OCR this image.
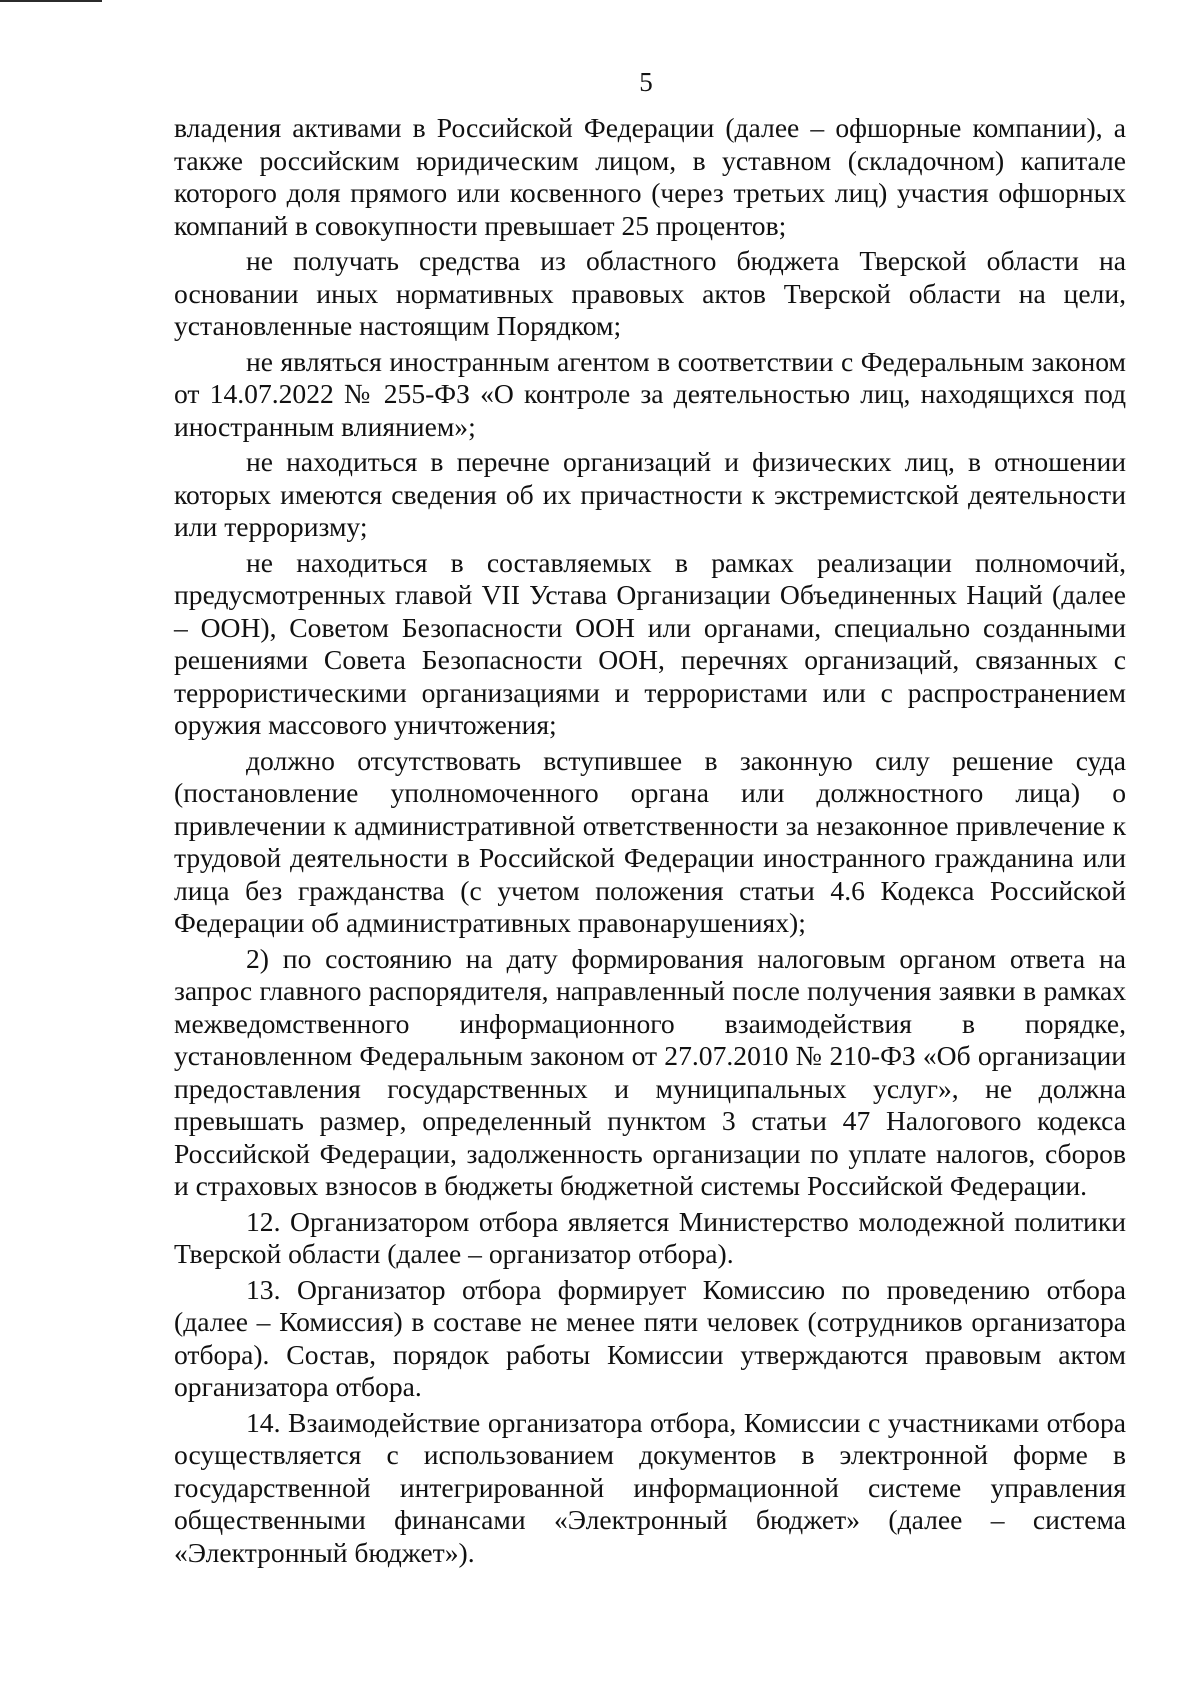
5

владения активами в Российской Федерации (далее – офшорные компании), а также российским юридическим лицом, в уставном (складочном) капитале которого доля прямого или косвенного (через третьих лиц) участия офшорных компаний в совокупности превышает 25 процентов;

не получать средства из областного бюджета Тверской области на основании иных нормативных правовых актов Тверской области на цели, установленные настоящим Порядком;

не являться иностранным агентом в соответствии с Федеральным законом от 14.07.2022 № 255-ФЗ «О контроле за деятельностью лиц, находящихся под иностранным влиянием»;

не находиться в перечне организаций и физических лиц, в отношении которых имеются сведения об их причастности к экстремистской деятельности или терроризму;

не находиться в составляемых в рамках реализации полномочий, предусмотренных главой VII Устава Организации Объединенных Наций (далее – ООН), Советом Безопасности ООН или органами, специально созданными решениями Совета Безопасности ООН, перечнях организаций, связанных с террористическими организациями и террористами или с распространением оружия массового уничтожения;

должно отсутствовать вступившее в законную силу решение суда (постановление уполномоченного органа или должностного лица) о привлечении к административной ответственности за незаконное привлечение к трудовой деятельности в Российской Федерации иностранного гражданина или лица без гражданства (с учетом положения статьи 4.6 Кодекса Российской Федерации об административных правонарушениях);

2) по состоянию на дату формирования налоговым органом ответа на запрос главного распорядителя, направленный после получения заявки в рамках межведомственного информационного взаимодействия в порядке, установленном Федеральным законом от 27.07.2010 № 210-ФЗ «Об организации предоставления государственных и муниципальных услуг», не должна превышать размер, определенный пунктом 3 статьи 47 Налогового кодекса Российской Федерации, задолженность организации по уплате налогов, сборов и страховых взносов в бюджеты бюджетной системы Российской Федерации.

12. Организатором отбора является Министерство молодежной политики Тверской области (далее – организатор отбора).

13. Организатор отбора формирует Комиссию по проведению отбора (далее – Комиссия) в составе не менее пяти человек (сотрудников организатора отбора). Состав, порядок работы Комиссии утверждаются правовым актом организатора отбора.

14. Взаимодействие организатора отбора, Комиссии с участниками отбора осуществляется с использованием документов в электронной форме в государственной интегрированной информационной системе управления общественными финансами «Электронный бюджет» (далее – система «Электронный бюджет»).
